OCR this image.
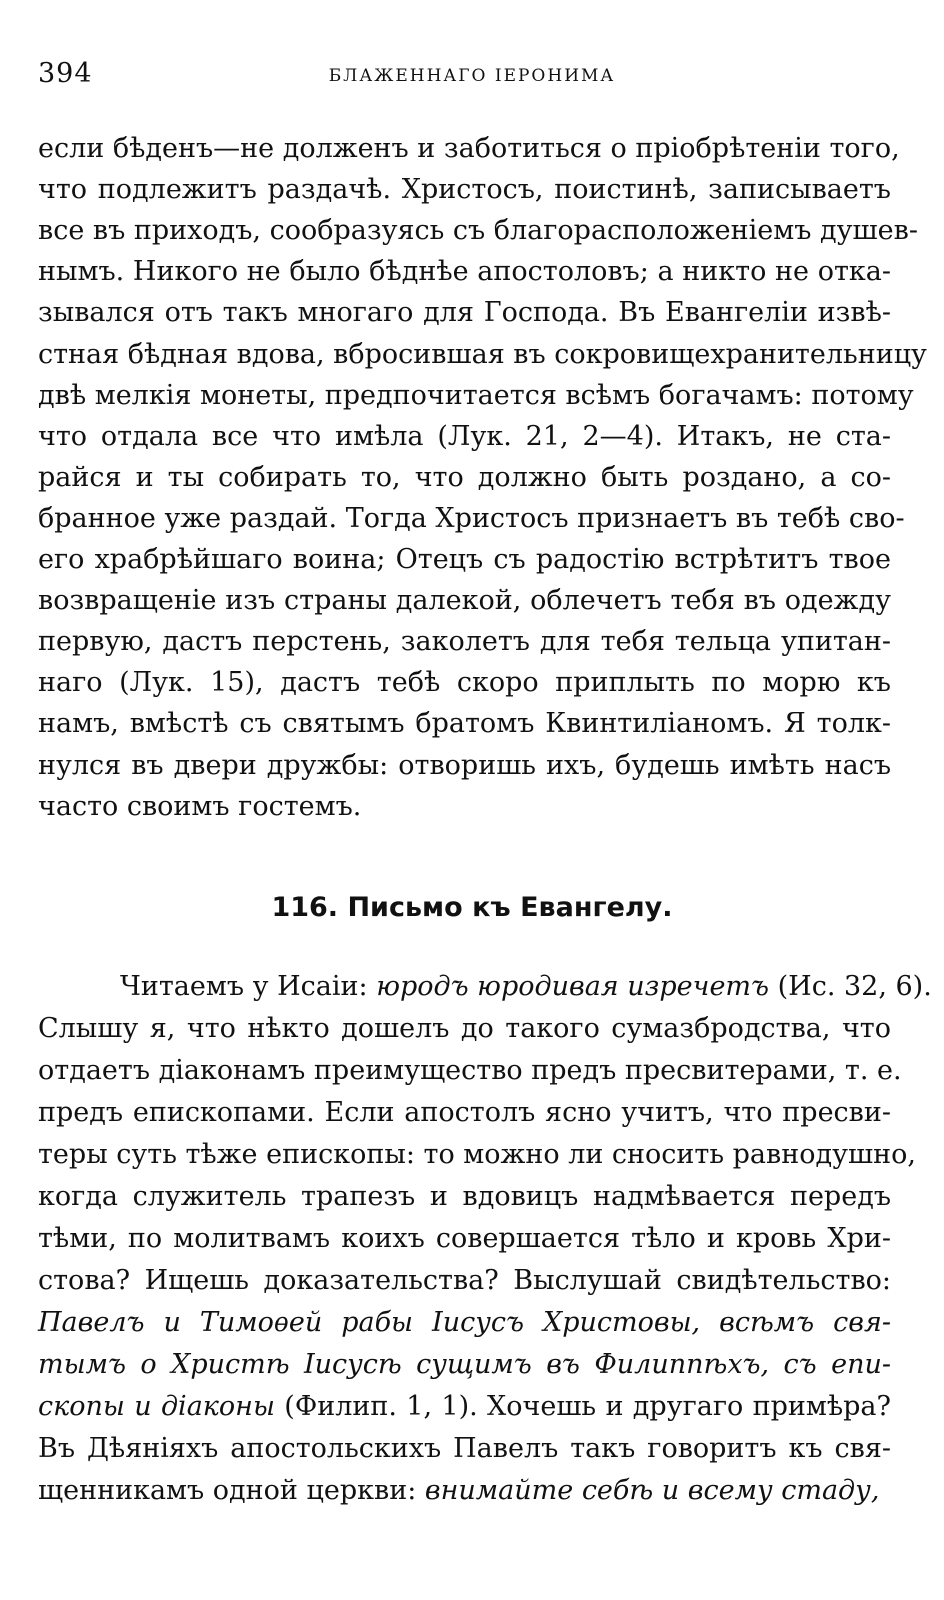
394	БЛАЖЕННАГО ІЕРОНИМА
если бѣденъ—не долженъ и заботиться о пріобрѣтеніи того,
что подлежитъ раздачѣ. Христосъ, поистинѣ, записываетъ
все въ приходъ, сообразуясь съ благорасположеніемъ душев-
нымъ. Никого не было бѣднѣе апостоловъ; а никто не отка-
зывался отъ такъ многаго для Господа. Въ Евангеліи извѣ-
стная бѣдная вдова, вбросившая въ сокровищехранительницу
двѣ мелкія монеты, предпочитается всѣмъ богачамъ: потому
что отдала все что имѣла (Лук. 21, 2—4). Итакъ, не ста-
райся и ты собирать то, что должно быть роздано, а со-
бранное уже раздай. Тогда Христосъ признаетъ въ тебѣ сво-
его храбрѣйшаго воина; Отецъ съ радостію встрѣтитъ твое
возвращеніе изъ страны далекой, облечетъ тебя въ одежду
первую, дастъ перстень, заколетъ для тебя тельца упитан-
наго (Лук. 15), дастъ тебѣ скоро приплыть по морю къ
намъ, вмѣстѣ съ святымъ братомъ Квинтиліаномъ. Я толк-
нулся въ двери дружбы: отворишь ихъ, будешь имѣть насъ
часто своимъ гостемъ.
116. Письмо къ Евангелу.
Читаемъ у Исаіи: юродъ юродивая изречетъ (Ис. 32, 6).
Слышу я, что нѣкто дошелъ до такого сумазбродства, что
отдаетъ діаконамъ преимущество предъ пресвитерами, т. е.
предъ епископами. Если апостолъ ясно учитъ, что пресви-
теры суть тѣже епископы: то можно ли сносить равнодушно,
когда служитель трапезъ и вдовицъ надмѣвается передъ
тѣми, по молитвамъ коихъ совершается тѣло и кровь Хри-
стова? Ищешь доказательства? Выслушай свидѣтельство:
Павелъ и Тимоѳей рабы Іисусъ Христовы, всѣмъ свя-
тымъ о Христѣ Іисусѣ сущимъ въ Филиппѣхъ, съ епи-
скопы и діаконы (Филип. 1, 1). Хочешь и другаго примѣра?
Въ Дѣяніяхъ апостольскихъ Павелъ такъ говоритъ къ свя-
щенникамъ одной церкви: внимайте себѣ и всему стаду,
